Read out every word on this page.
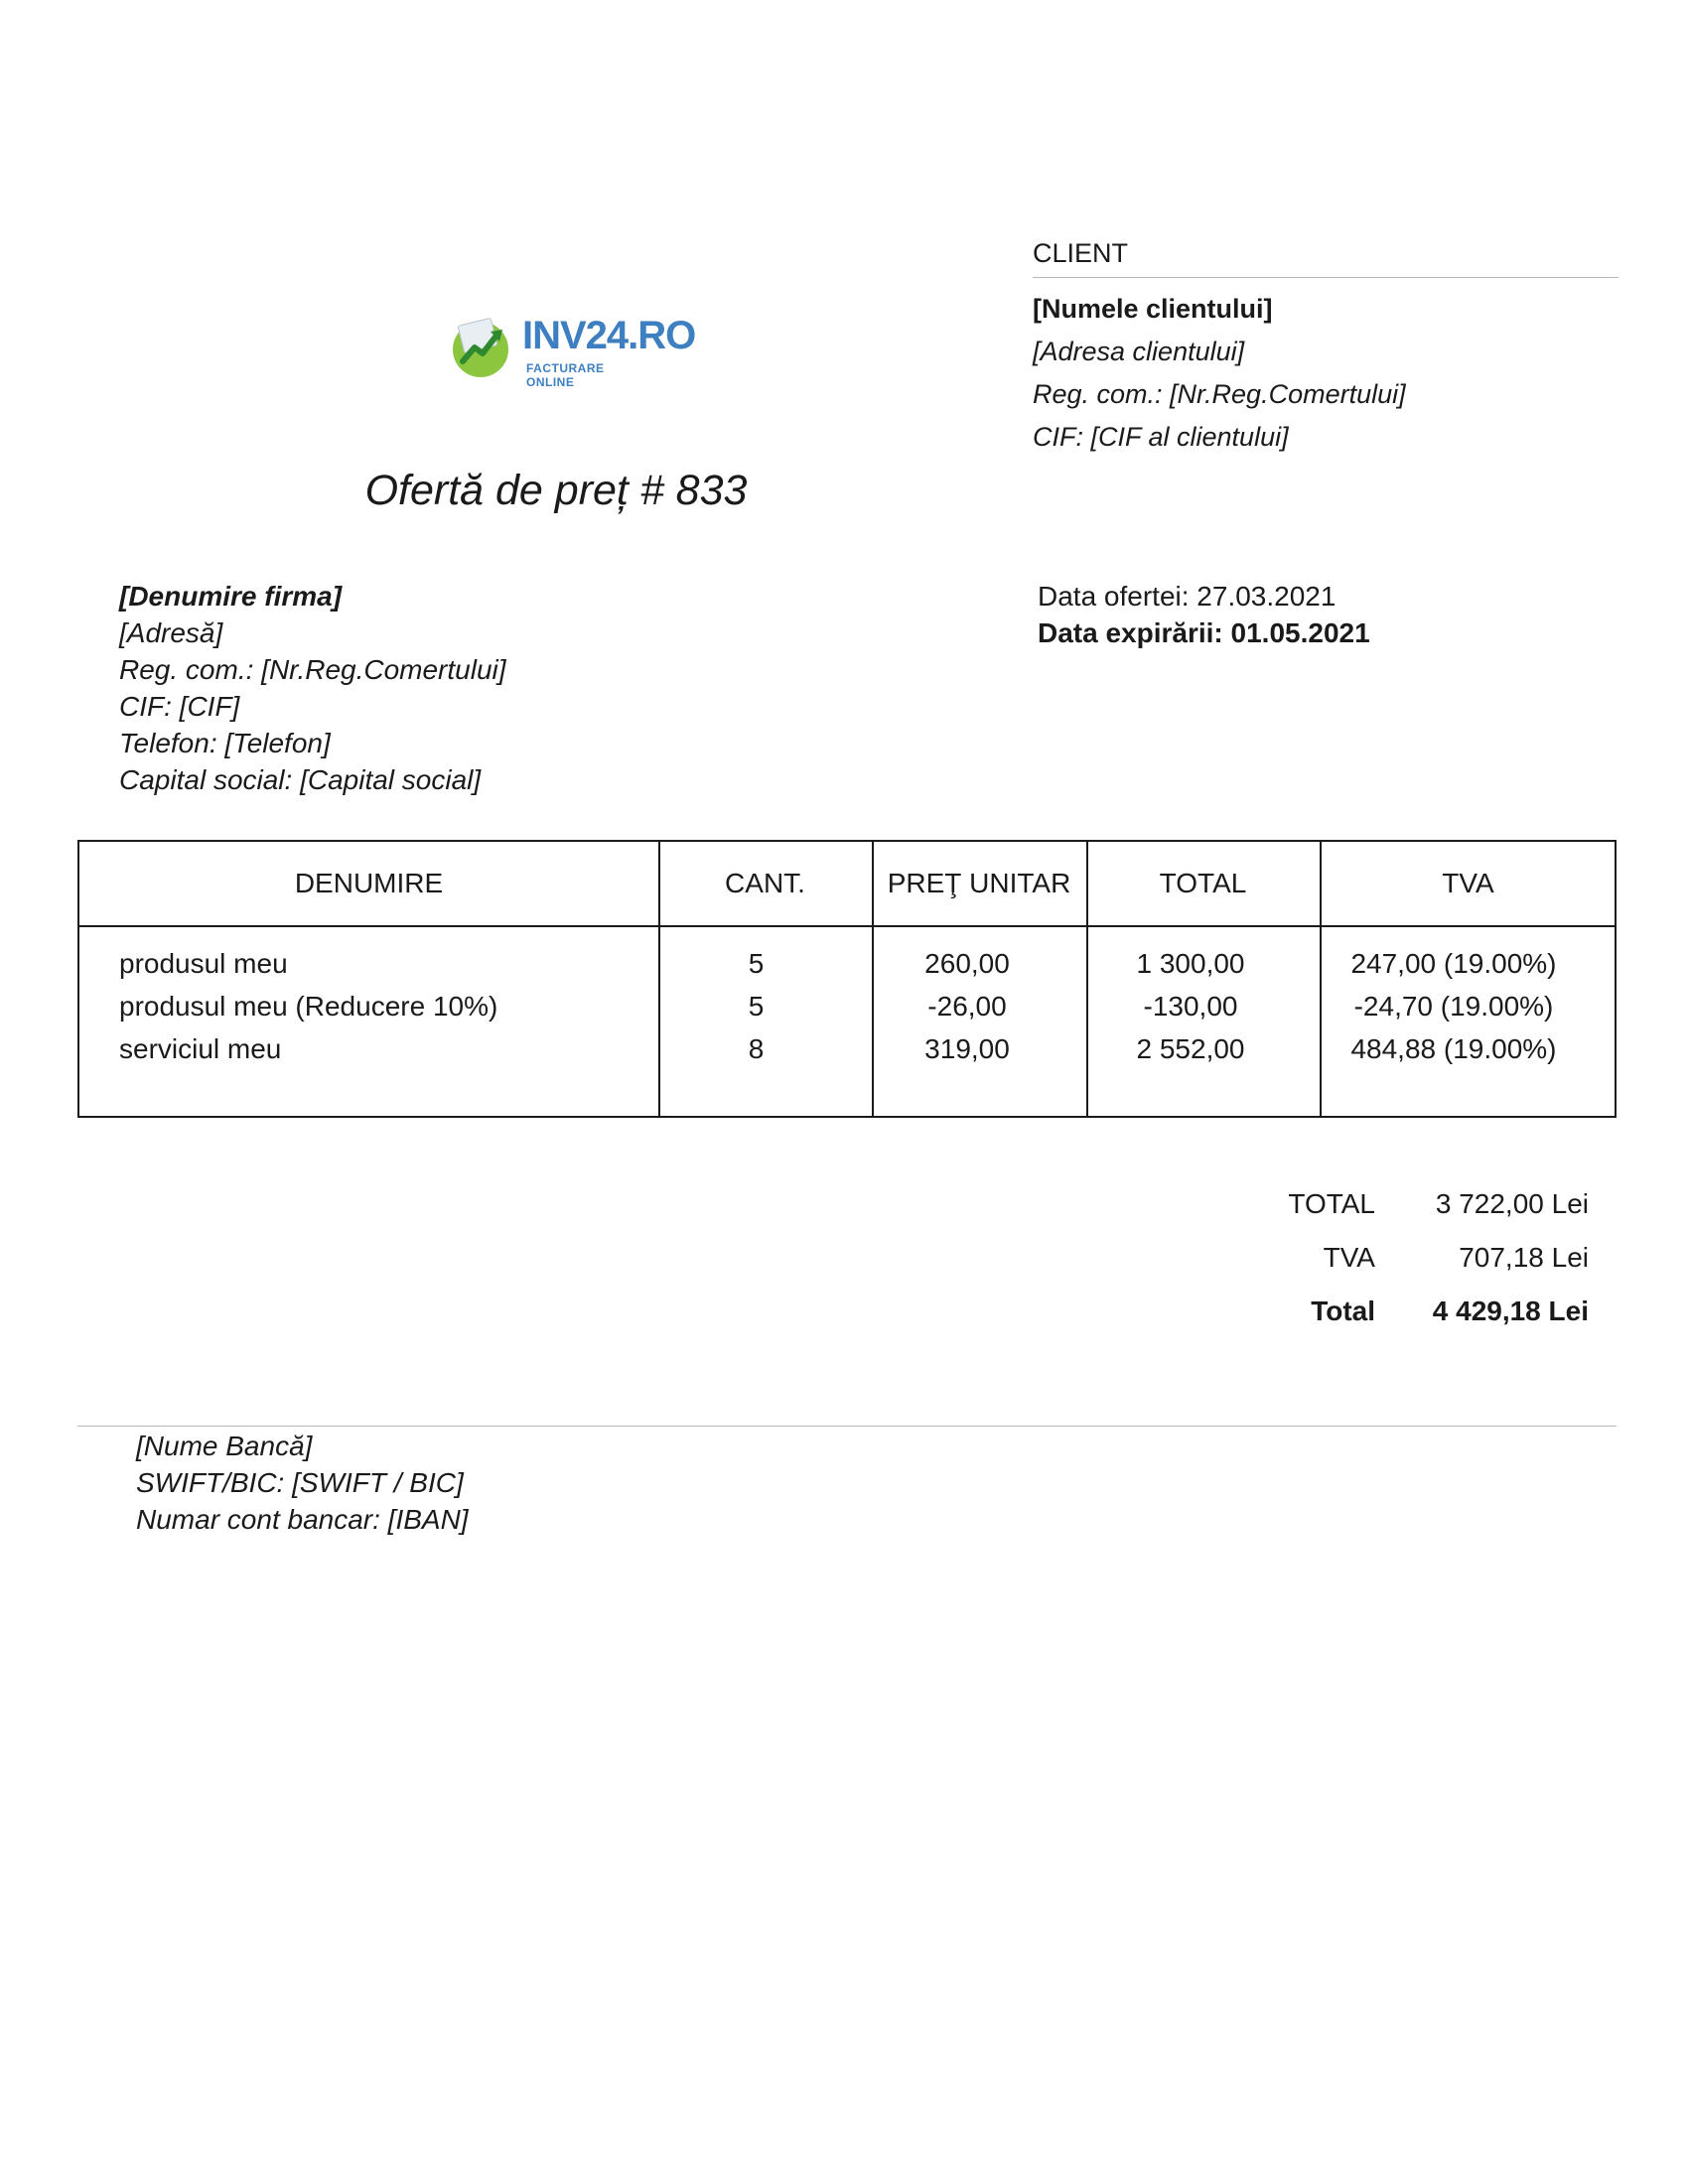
INV24.RO
FACTURARE ONLINE
CLIENT
[Numele clientului]
[Adresa clientului]
Reg. com.: [Nr.Reg.Comertului]
CIF: [CIF al clientului]
Ofertă de preț # 833
[Denumire firma]
[Adresă]
Reg. com.: [Nr.Reg.Comertului]
CIF: [CIF]
Telefon: [Telefon]
Capital social: [Capital social]
Data ofertei: 27.03.2021
Data expirării: 01.05.2021
DENUMIRE	CANT.	PREŢ UNITAR	TOTAL	TVA
produsul meu	5	260,00	1 300,00	247,00 (19.00%)
produsul meu (Reducere 10%)	5	-26,00	-130,00	-24,70 (19.00%)
serviciul meu	8	319,00	2 552,00	484,88 (19.00%)
TOTAL 3 722,00 Lei
TVA	707,18 Lei
Total 4 429,18 Lei
[Nume Bancă]
SWIFT/BIC: [SWIFT / BIC]
Numar cont bancar: [IBAN]
